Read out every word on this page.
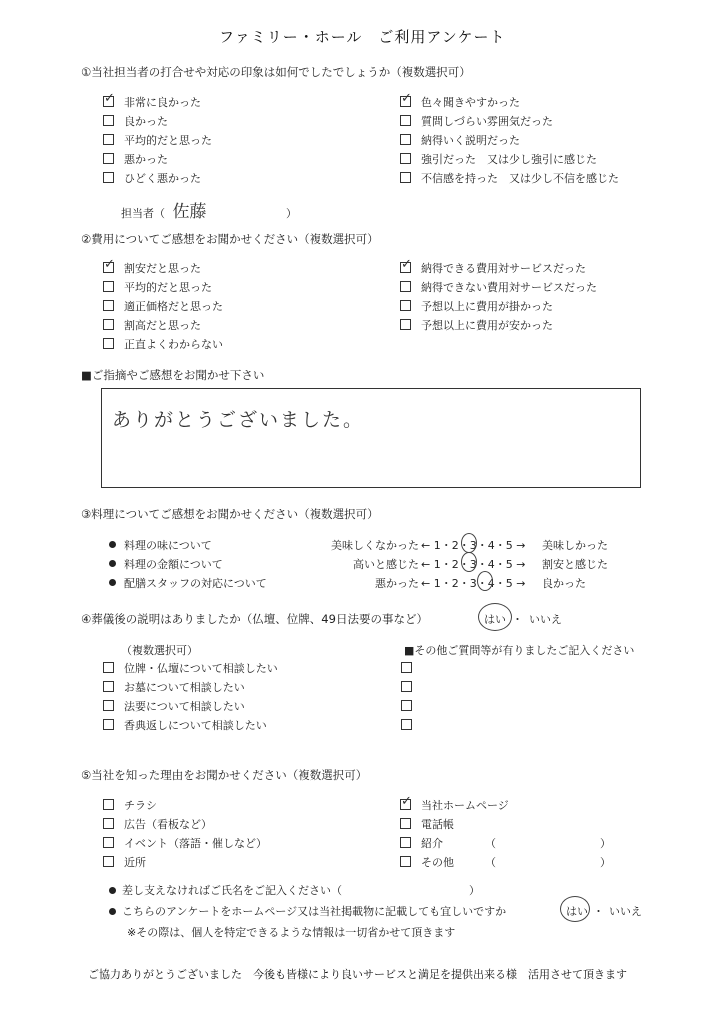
ファミリー・ホール　ご利用アンケート
①当社担当者の打合せや対応の印象は如何でしたでしょうか（複数選択可）
✓ 非常に良かった
良かった
平均的だと思った
悪かった
ひどく悪かった
✓ 色々聞きやすかった
質問しづらい雰囲気だった
納得いく説明だった
強引だった　又は少し強引に感じた
不信感を持った　又は少し不信を感じた
担当者（ 佐藤	）
②費用についてご感想をお聞かせください（複数選択可）
✓ 割安だと思った
平均的だと思った
適正価格だと思った
割高だと思った
正直よくわからない
✓ 納得できる費用対サービスだった
納得できない費用対サービスだった
予想以上に費用が掛かった
予想以上に費用が安かった
■ご指摘やご感想をお聞かせ下さい
ありがとうございました。
③料理についてご感想をお聞かせください（複数選択可）
料理の味について	美味しくなかった ← 1・2・3・4・5 → 美味しかった
料理の金額について	高いと感じた ← 1・2・3・4・5 → 割安と感じた
配膳スタッフの対応について	悪かった ← 1・2・3・4・5 → 良かった
④葬儀後の説明はありましたか（仏壇、位牌、49日法要の事など）	はい ・ いいえ
（複数選択可）	■その他ご質問等が有りましたご記入ください
位牌・仏壇について相談したい
お墓について相談したい
法要について相談したい
香典返しについて相談したい
⑤当社を知った理由をお聞かせください（複数選択可）
チラシ
広告（看板など）
イベント（落語・催しなど）
近所
✓ 当社ホームページ
電話帳
紹介	（	）
その他	（	）
差し支えなければご氏名をご記入ください（	）
こちらのアンケートをホームページ又は当社掲載物に記載しても宜しいですか	はい ・ いいえ
※その際は、個人を特定できるような情報は一切省かせて頂きます
ご協力ありがとうございました　今後も皆様により良いサービスと満足を提供出来る様　活用させて頂きます
